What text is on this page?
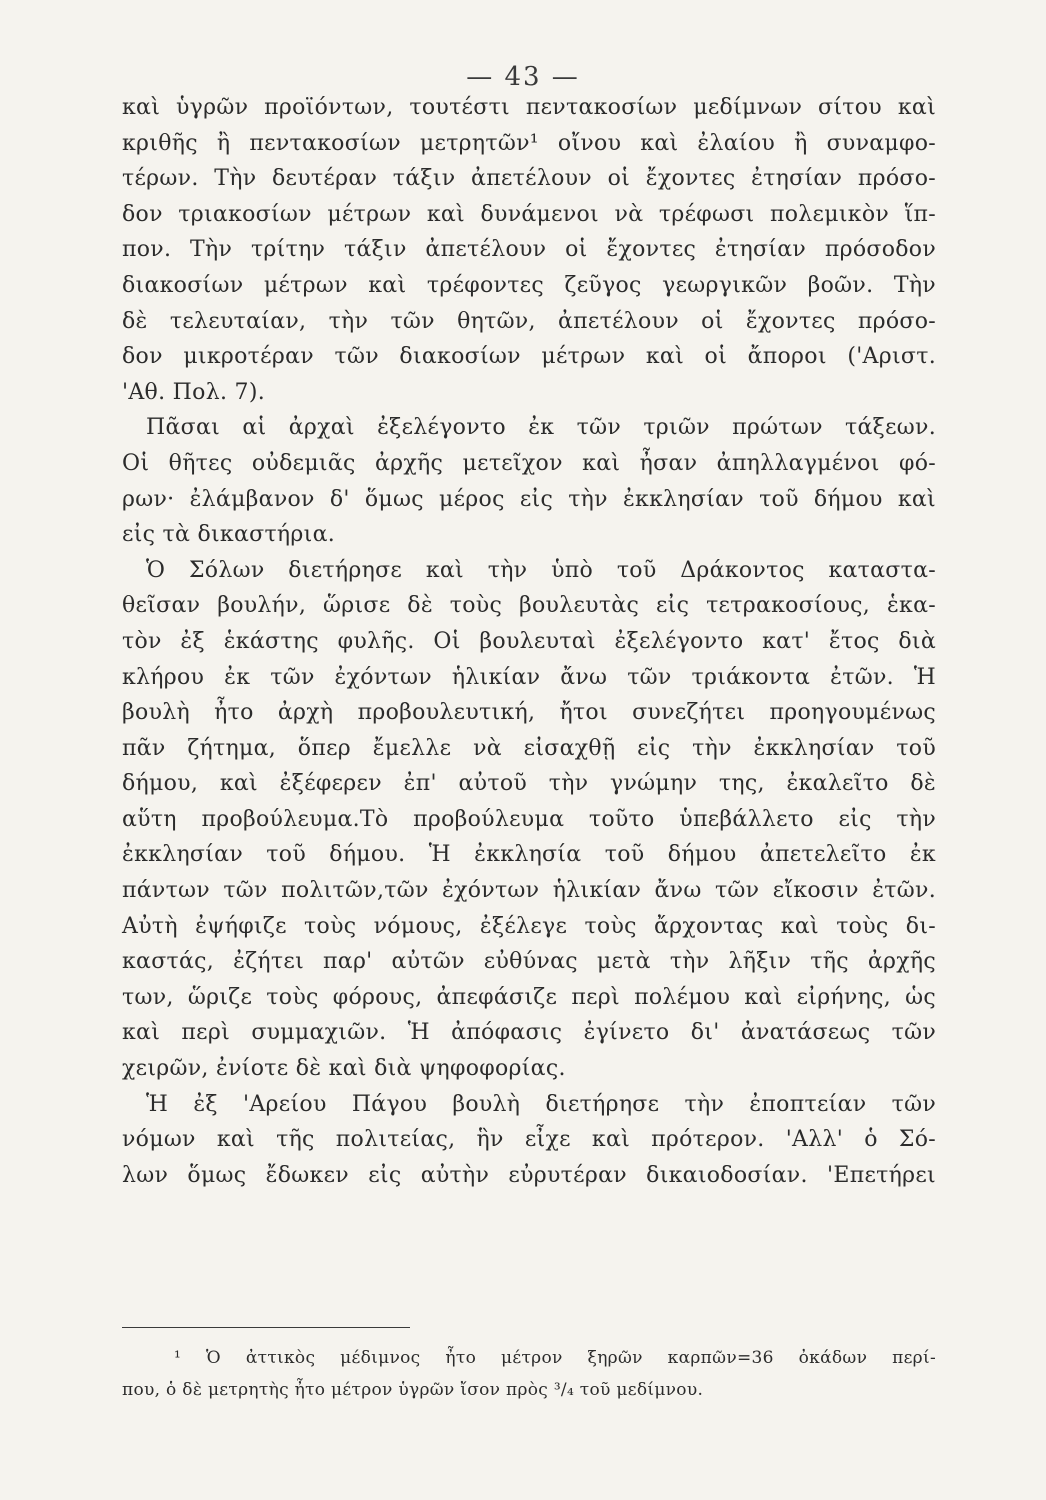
— 43 —
καὶ ὑγρῶν προϊόντων, τουτέστι πεντακοσίων μεδίμνων σίτου καὶ
κριθῆς ἢ πεντακοσίων μετρητῶν¹ οἴνου καὶ ἐλαίου ἢ συναμφο-
τέρων. Τὴν δευτέραν τάξιν ἀπετέλουν οἱ ἔχοντες ἐτησίαν πρόσο-
δον τριακοσίων μέτρων καὶ δυνάμενοι νὰ τρέφωσι πολεμικὸν ἵπ-
πον. Τὴν τρίτην τάξιν ἀπετέλουν οἱ ἔχοντες ἐτησίαν πρόσοδον
διακοσίων μέτρων καὶ τρέφοντες ζεῦγος γεωργικῶν βοῶν. Τὴν
δὲ τελευταίαν, τὴν τῶν θητῶν, ἀπετέλουν οἱ ἔχοντες πρόσο-
δον μικροτέραν τῶν διακοσίων μέτρων καὶ οἱ ἄποροι ('Αριστ.
'Αθ. Πολ. 7).
Πᾶσαι αἱ ἀρχαὶ ἐξελέγοντο ἐκ τῶν τριῶν πρώτων τάξεων.
Οἱ θῆτες οὐδεμιᾶς ἀρχῆς μετεῖχον καὶ ἦσαν ἀπηλλαγμένοι φό-
ρων· ἐλάμβανον δ' ὅμως μέρος εἰς τὴν ἐκκλησίαν τοῦ δήμου καὶ
εἰς τὰ δικαστήρια.
Ὁ Σόλων διετήρησε καὶ τὴν ὑπὸ τοῦ Δράκοντος καταστα-
θεῖσαν βουλήν, ὥρισε δὲ τοὺς βουλευτὰς εἰς τετρακοσίους, ἑκα-
τὸν ἐξ ἑκάστης φυλῆς. Οἱ βουλευταὶ ἐξελέγοντο κατ' ἔτος διὰ
κλήρου ἐκ τῶν ἐχόντων ἡλικίαν ἄνω τῶν τριάκοντα ἐτῶν. Ἡ
βουλὴ ἦτο ἀρχὴ προβουλευτική, ἤτοι συνεζήτει προηγουμένως
πᾶν ζήτημα, ὅπερ ἔμελλε νὰ εἰσαχθῇ εἰς τὴν ἐκκλησίαν τοῦ
δήμου, καὶ ἐξέφερεν ἐπ' αὐτοῦ τὴν γνώμην της, ἐκαλεῖτο δὲ
αὕτη προβούλευμα.Τὸ προβούλευμα τοῦτο ὑπεβάλλετο εἰς τὴν
ἐκκλησίαν τοῦ δήμου. Ἡ ἐκκλησία τοῦ δήμου ἀπετελεῖτο ἐκ
πάντων τῶν πολιτῶν,τῶν ἐχόντων ἡλικίαν ἄνω τῶν εἴκοσιν ἐτῶν.
Αὐτὴ ἐψήφιζε τοὺς νόμους, ἐξέλεγε τοὺς ἄρχοντας καὶ τοὺς δι-
καστάς, ἐζήτει παρ' αὐτῶν εὐθύνας μετὰ τὴν λῆξιν τῆς ἀρχῆς
των, ὥριζε τοὺς φόρους, ἀπεφάσιζε περὶ πολέμου καὶ εἰρήνης, ὡς
καὶ περὶ συμμαχιῶν. Ἡ ἀπόφασις ἐγίνετο δι' ἀνατάσεως τῶν
χειρῶν, ἐνίοτε δὲ καὶ διὰ ψηφοφορίας.
Ἡ ἐξ 'Αρείου Πάγου βουλὴ διετήρησε τὴν ἐποπτείαν τῶν
νόμων καὶ τῆς πολιτείας, ἣν εἶχε καὶ πρότερον. 'Αλλ' ὁ Σό-
λων ὅμως ἔδωκεν εἰς αὐτὴν εὐρυτέραν δικαιοδοσίαν. 'Επετήρει
¹ Ὁ ἀττικὸς μέδιμνος ἦτο μέτρον ξηρῶν καρπῶν=36 ὀκάδων περί-
που, ὁ δὲ μετρητὴς ἦτο μέτρον ὑγρῶν ἴσον πρὸς ³/₄ τοῦ μεδίμνου.
